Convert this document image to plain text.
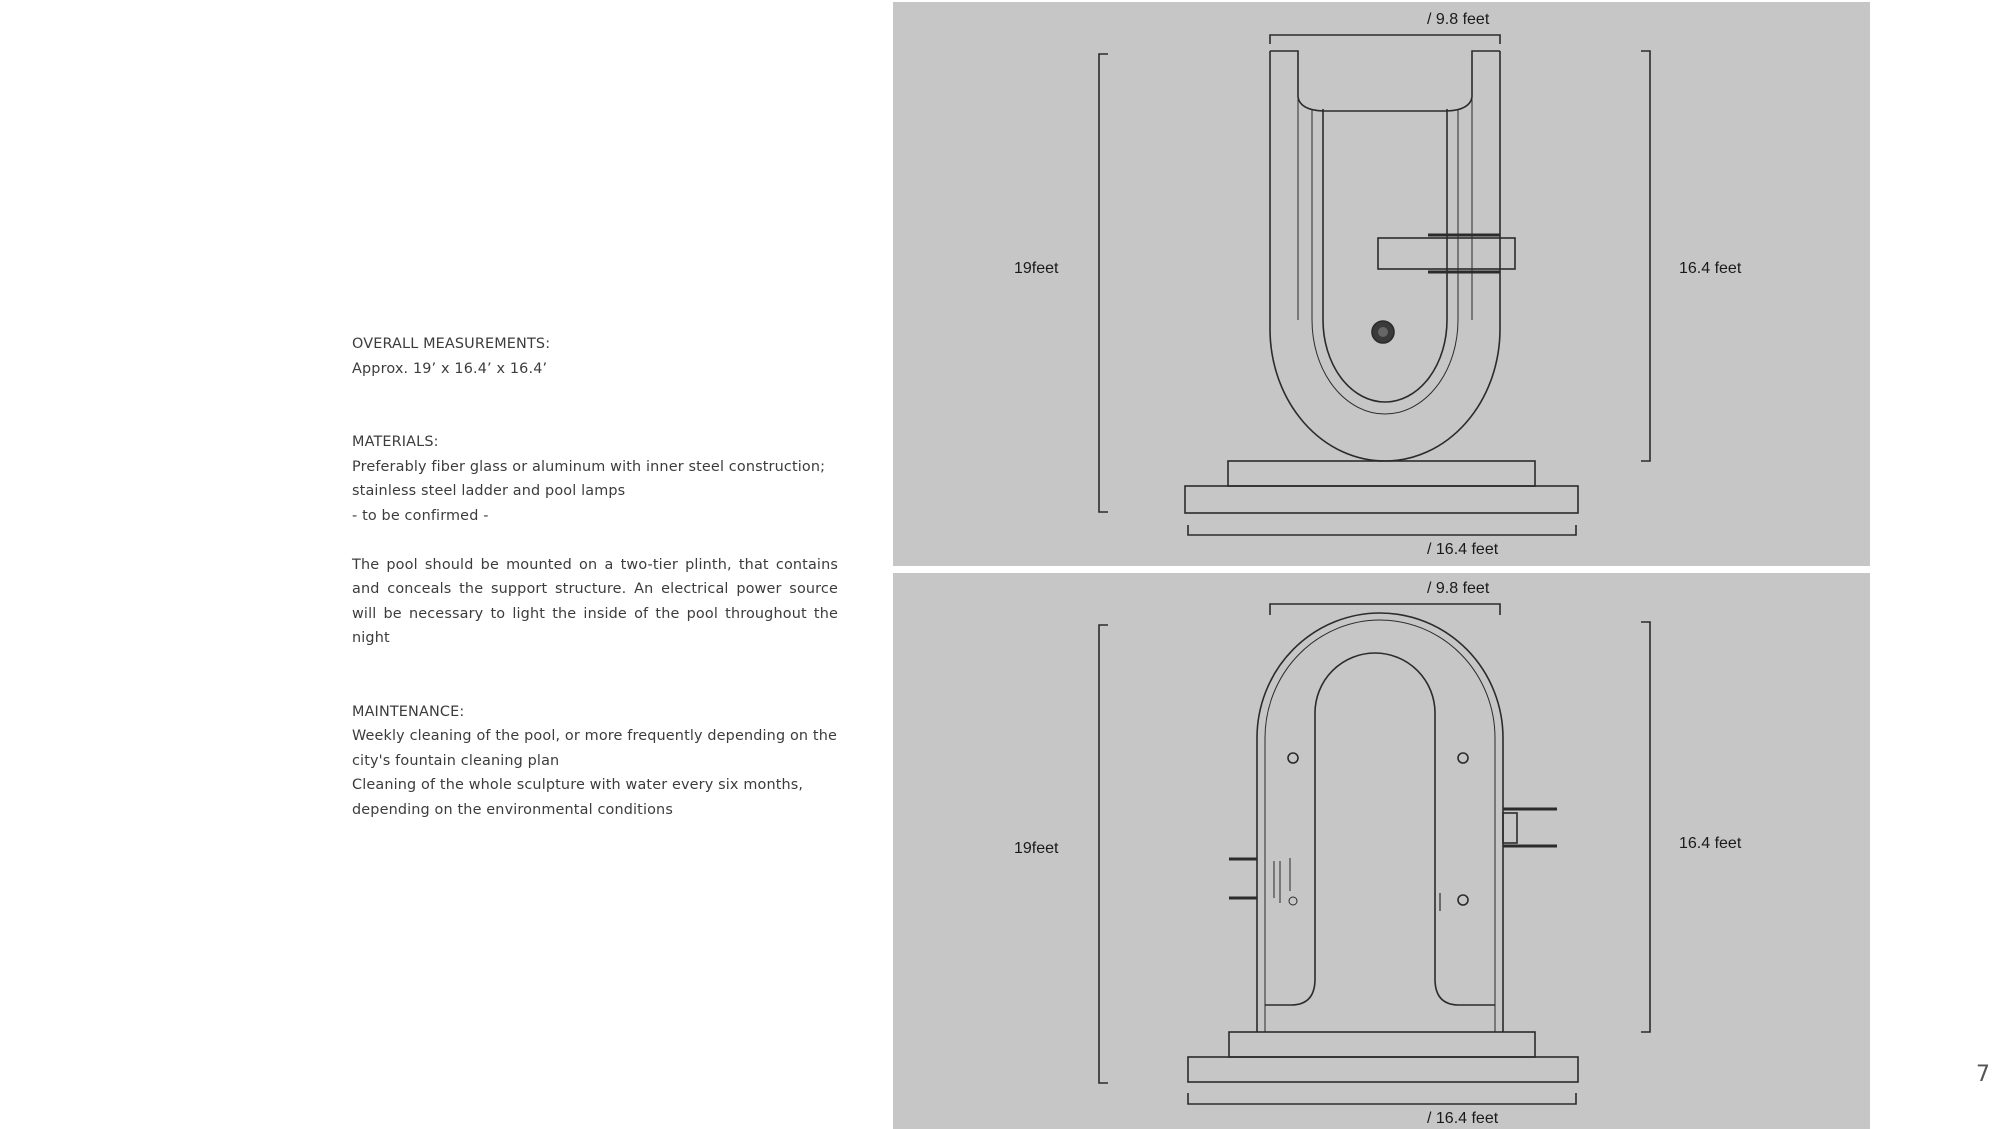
OVERALL MEASUREMENTS:

Approx. 19’ x 16.4’ x 16.4’

MATERIALS:

Preferably fiber glass or aluminum with inner steel construction;

stainless steel ladder and pool lamps

- to be confirmed -

The pool should be mounted on a two-tier plinth, that contains and conceals the support structure. An electrical power source will be necessary to light the inside of the pool throughout the night

MAINTENANCE:

Weekly cleaning of the pool, or more frequently depending on the city's fountain cleaning plan

Cleaning of the whole sculpture with water every six months, depending on the environmental conditions

/ 9.8 feet
19feet	16.4 feet
/ 16.4 feet
/ 9.8 feet
19feet	16.4 feet
/ 16.4 feet
7
